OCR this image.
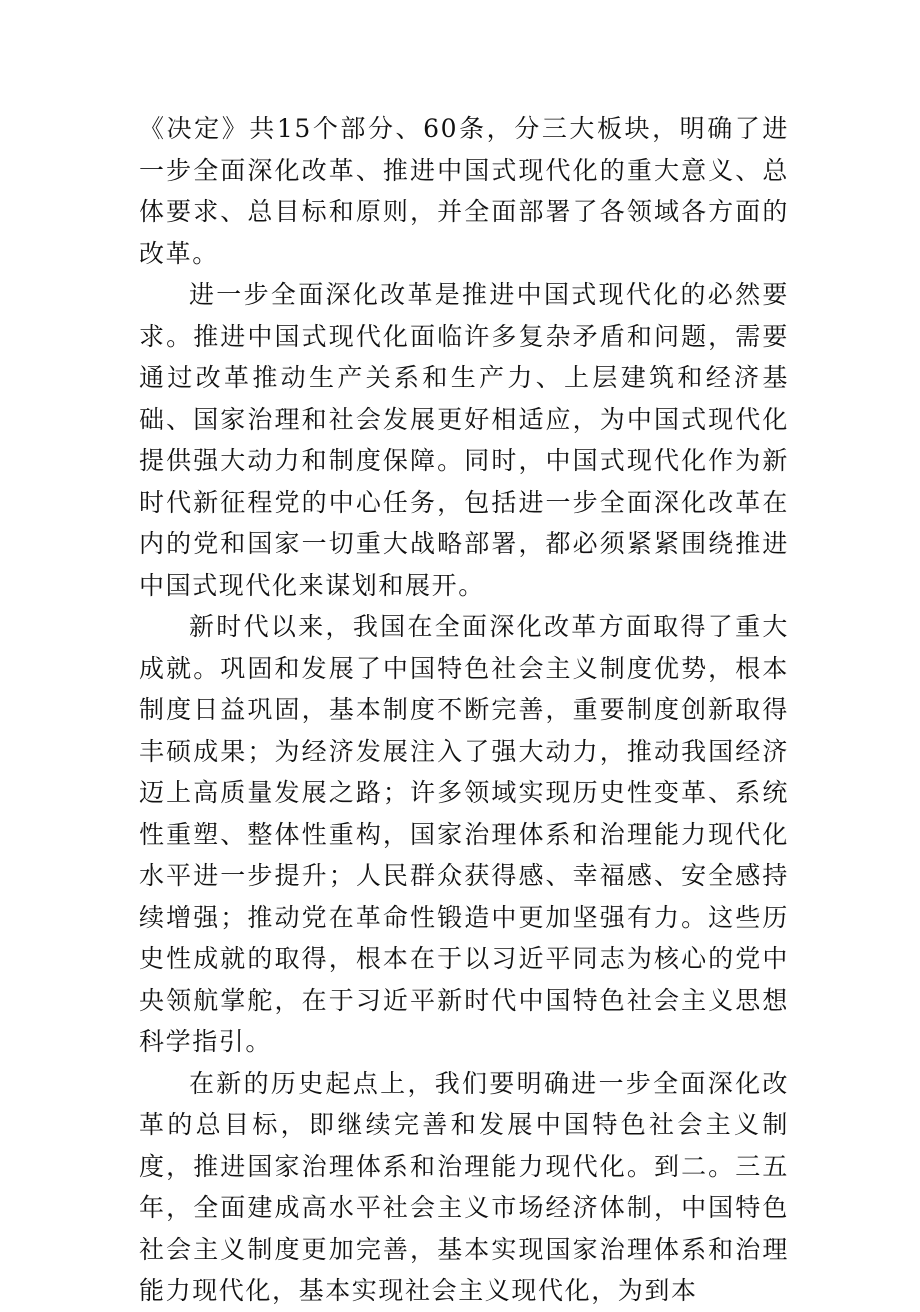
《决定》共15个部分、60条，分三大板块，明确了进一步全面深化改革、推进中国式现代化的重大意义、总体要求、总目标和原则，并全面部署了各领域各方面的改革。

进一步全面深化改革是推进中国式现代化的必然要求。推进中国式现代化面临许多复杂矛盾和问题，需要通过改革推动生产关系和生产力、上层建筑和经济基础、国家治理和社会发展更好相适应，为中国式现代化提供强大动力和制度保障。同时，中国式现代化作为新时代新征程党的中心任务，包括进一步全面深化改革在内的党和国家一切重大战略部署，都必须紧紧围绕推进中国式现代化来谋划和展开。

新时代以来，我国在全面深化改革方面取得了重大成就。巩固和发展了中国特色社会主义制度优势，根本制度日益巩固，基本制度不断完善，重要制度创新取得丰硕成果；为经济发展注入了强大动力，推动我国经济迈上高质量发展之路；许多领域实现历史性变革、系统性重塑、整体性重构，国家治理体系和治理能力现代化水平进一步提升；人民群众获得感、幸福感、安全感持续增强；推动党在革命性锻造中更加坚强有力。这些历史性成就的取得，根本在于以习近平同志为核心的党中央领航掌舵，在于习近平新时代中国特色社会主义思想科学指引。

在新的历史起点上，我们要明确进一步全面深化改革的总目标，即继续完善和发展中国特色社会主义制度，推进国家治理体系和治理能力现代化。到二。三五年，全面建成高水平社会主义市场经济体制，中国特色社会主义制度更加完善，基本实现国家治理体系和治理能力现代化，基本实现社会主义现代化，为到本
